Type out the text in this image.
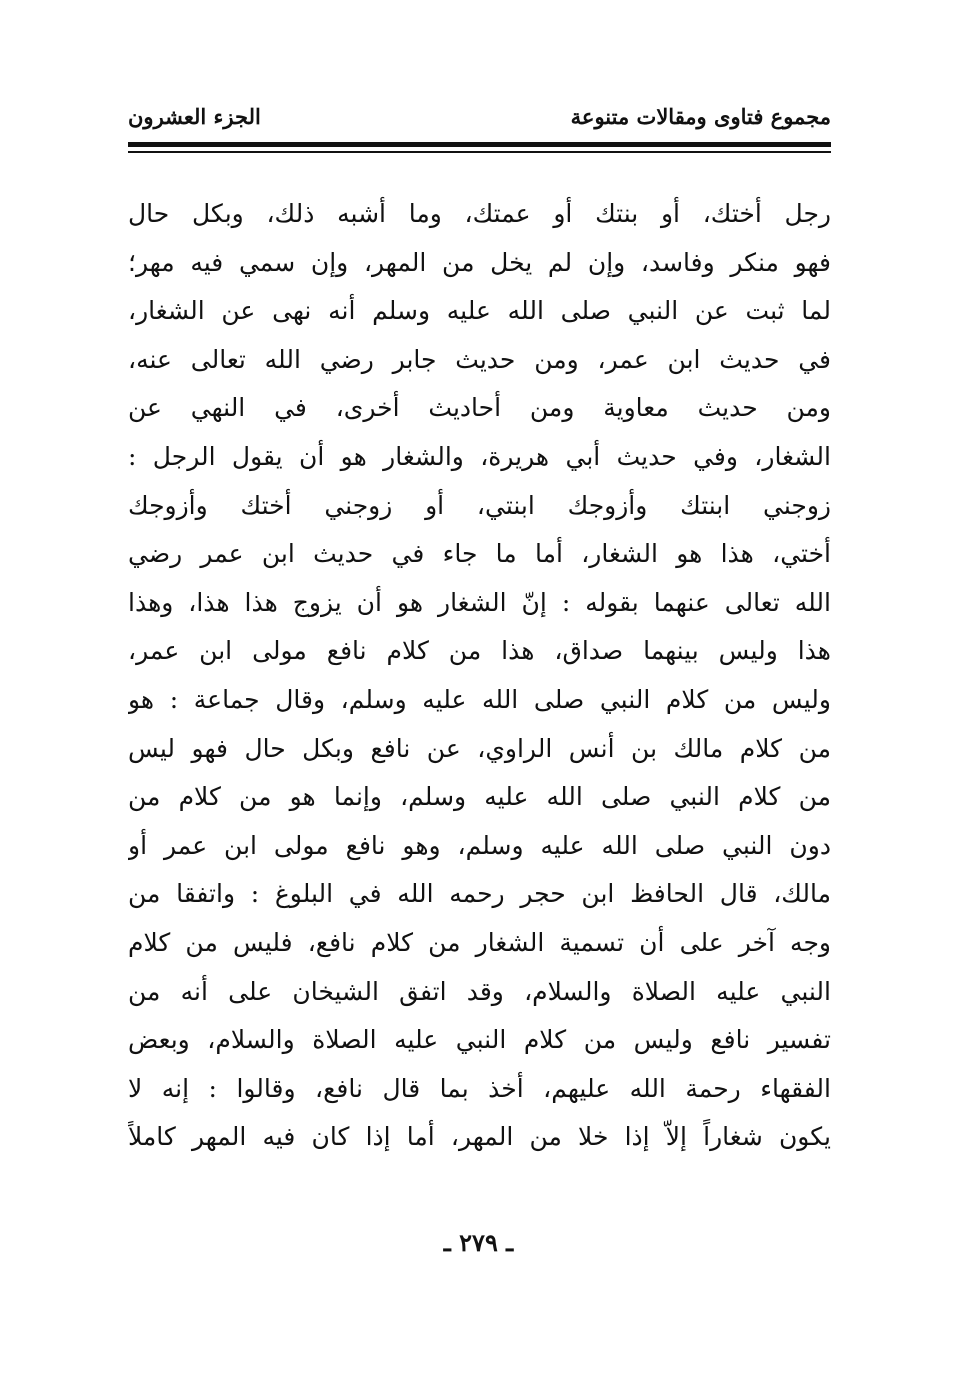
مجموع فتاوى ومقالات متنوعة
الجزء العشرون
رجل أختك، أو بنتك أو عمتك، وما أشبه ذلك، وبكل حال
فهو منكر وفاسد، وإن لم يخل من المهر، وإن سمي فيه مهر؛
لما ثبت عن النبي صلى الله عليه وسلم أنه نهى عن الشغار،
في حديث ابن عمر، ومن حديث جابر رضي الله تعالى عنه،
ومن حديث معاوية ومن أحاديث أخرى، في النهي عن
الشغار، وفي حديث أبي هريرة، والشغار هو أن يقول الرجل :
زوجني ابنتك وأزوجك ابنتي، أو زوجني أختك وأزوجك
أختي، هذا هو الشغار، أما ما جاء في حديث ابن عمر رضي
الله تعالى عنهما بقوله : إنّ الشغار هو أن يزوج هذا هذا، وهذا
هذا وليس بينهما صداق، هذا من كلام نافع مولى ابن عمر،
وليس من كلام النبي صلى الله عليه وسلم، وقال جماعة : هو
من كلام مالك بن أنس الراوي، عن نافع وبكل حال فهو ليس
من كلام النبي صلى الله عليه وسلم، وإنما هو من كلام من
دون النبي صلى الله عليه وسلم، وهو نافع مولى ابن عمر أو
مالك، قال الحافظ ابن حجر رحمه الله في البلوغ : واتفقا من
وجه آخر على أن تسمية الشغار من كلام نافع، فليس من كلام
النبي عليه الصلاة والسلام، وقد اتفق الشيخان على أنه من
تفسير نافع وليس من كلام النبي عليه الصلاة والسلام، وبعض
الفقهاء رحمة الله عليهم، أخذ بما قال نافع، وقالوا : إنه لا
يكون شغاراً إلاّ إذا خلا من المهر، أما إذا كان فيه المهر كاملاً
ـ ٢٧٩ ـ
